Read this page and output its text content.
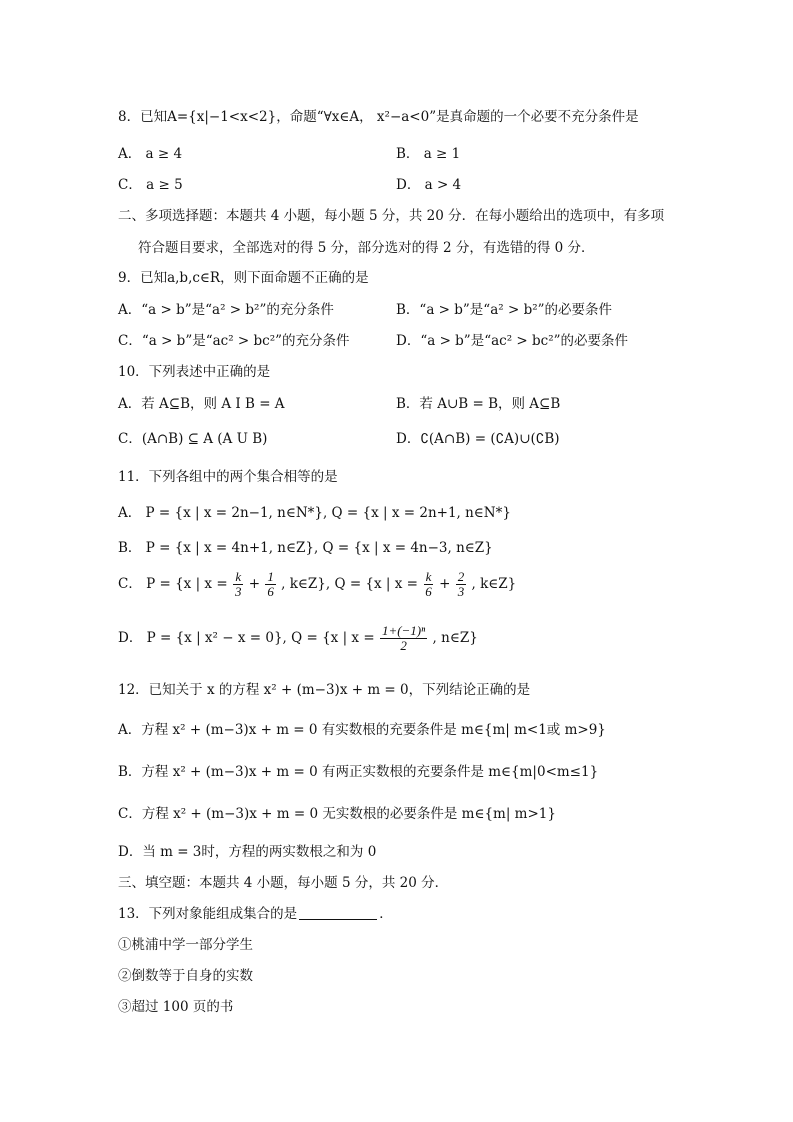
8．已知A={x|−1<x<2}，命题“∀x∈A， x²−a<0”是真命题的一个必要不充分条件是
A． a ≥ 4	B． a ≥ 1
C． a ≥ 5	D． a > 4
二、多项选择题：本题共 4 小题，每小题 5 分，共 20 分．在每小题给出的选项中，有多项
符合题目要求，全部选对的得 5 分，部分选对的得 2 分，有选错的得 0 分．
9．已知a,b,c∈R，则下面命题不正确的是
A．“a > b”是“a² > b²”的充分条件	B．“a > b”是“a² > b²”的必要条件
C．“a > b”是“ac² > bc²”的充分条件	D．“a > b”是“ac² > bc²”的必要条件
10．下列表述中正确的是
A．若 A⊆B，则 A I B = A	B．若 A∪B = B，则 A⊆B
C．(A∩B) ⊆ A (A U B)	D．∁(A∩B) = (∁A)∪(∁B)
11．下列各组中的两个集合相等的是
A． P = {x | x = 2n−1, n∈N*}, Q = {x | x = 2n+1, n∈N*}
B． P = {x | x = 4n+1, n∈Z}, Q = {x | x = 4n−3, n∈Z}
C． P = {x | $x = \frac{k}{3} + \frac{1}{6}$ , k∈Z}, Q = {x | $x = \frac{k}{6} + \frac{2}{3}$ , k∈Z}
D． P = {x | x² − x = 0}, Q = {x | $x = \frac{\text{1+(−1)ⁿ}}{2}$ , n∈Z}
12．已知关于 x 的方程 x² + (m−3)x + m = 0，下列结论正确的是
A．方程 x² + (m−3)x + m = 0 有实数根的充要条件是 m∈{m| m<1或 m>9}
B．方程 x² + (m−3)x + m = 0 有两正实数根的充要条件是 m∈{m|0<m≤1}
C．方程 x² + (m−3)x + m = 0 无实数根的必要条件是 m∈{m| m>1}
D．当 m = 3时，方程的两实数根之和为 0
三、填空题：本题共 4 小题，每小题 5 分，共 20 分．
13．下列对象能组成集合的是	．
①桃浦中学一部分学生
②倒数等于自身的实数
③超过 100 页的书
